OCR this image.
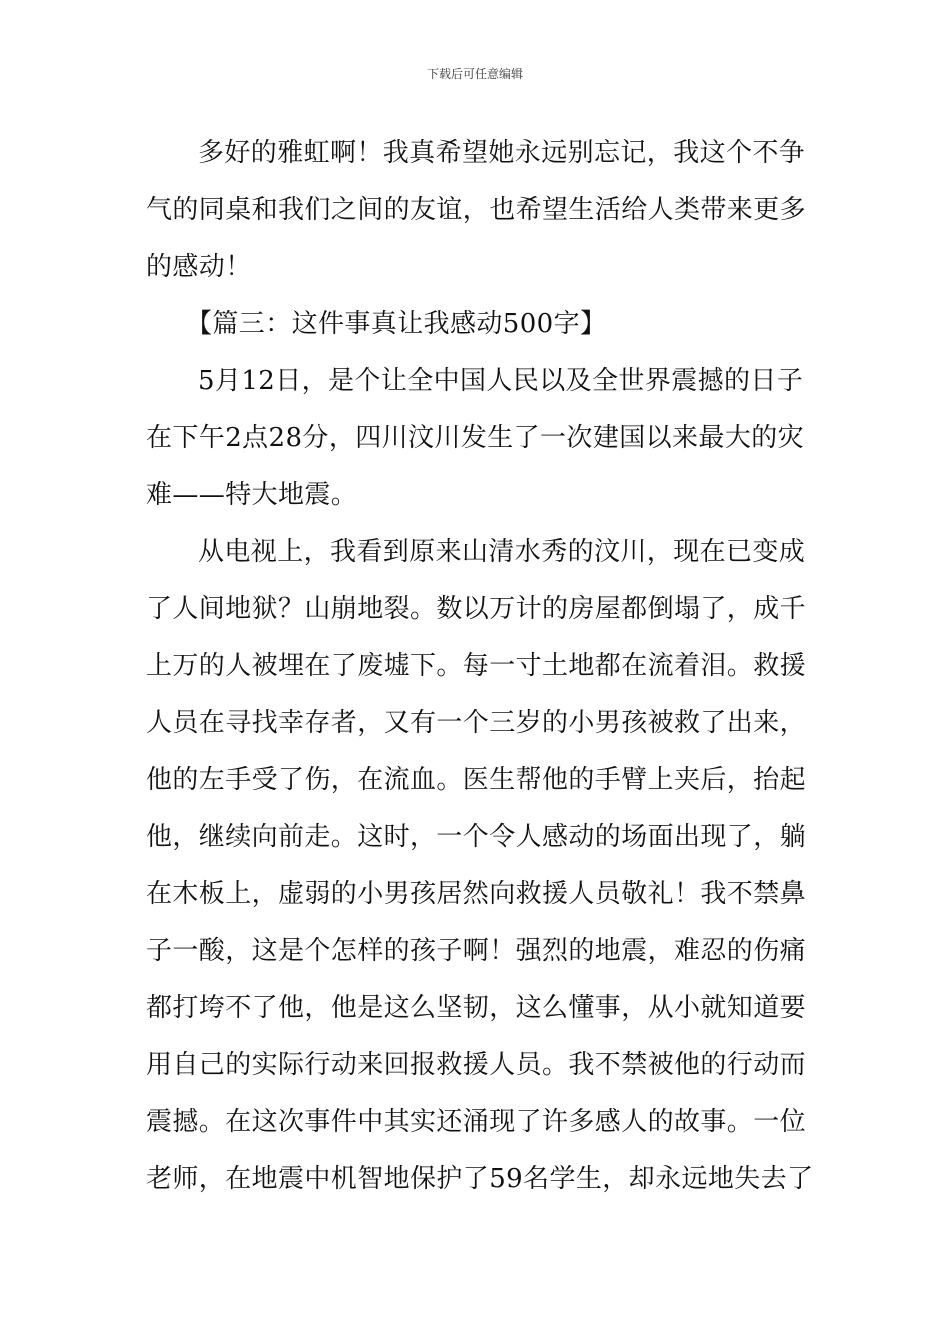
下载后可任意编辑
多好的雅虹啊！我真希望她永远别忘记，我这个不争
气的同桌和我们之间的友谊，也希望生活给人类带来更多
的感动！
【篇三：这件事真让我感动500字】
5月12日，是个让全中国人民以及全世界震撼的日子
在下午2点28分，四川汶川发生了一次建国以来最大的灾
难——特大地震。
从电视上，我看到原来山清水秀的汶川，现在已变成
了人间地狱？山崩地裂。数以万计的房屋都倒塌了，成千
上万的人被埋在了废墟下。每一寸土地都在流着泪。救援
人员在寻找幸存者，又有一个三岁的小男孩被救了出来，
他的左手受了伤，在流血。医生帮他的手臂上夹后，抬起
他，继续向前走。这时，一个令人感动的场面出现了，躺
在木板上，虚弱的小男孩居然向救援人员敬礼！我不禁鼻
子一酸，这是个怎样的孩子啊！强烈的地震，难忍的伤痛
都打垮不了他，他是这么坚韧，这么懂事，从小就知道要
用自己的实际行动来回报救援人员。我不禁被他的行动而
震撼。在这次事件中其实还涌现了许多感人的故事。一位
老师，在地震中机智地保护了59名学生，却永远地失去了
